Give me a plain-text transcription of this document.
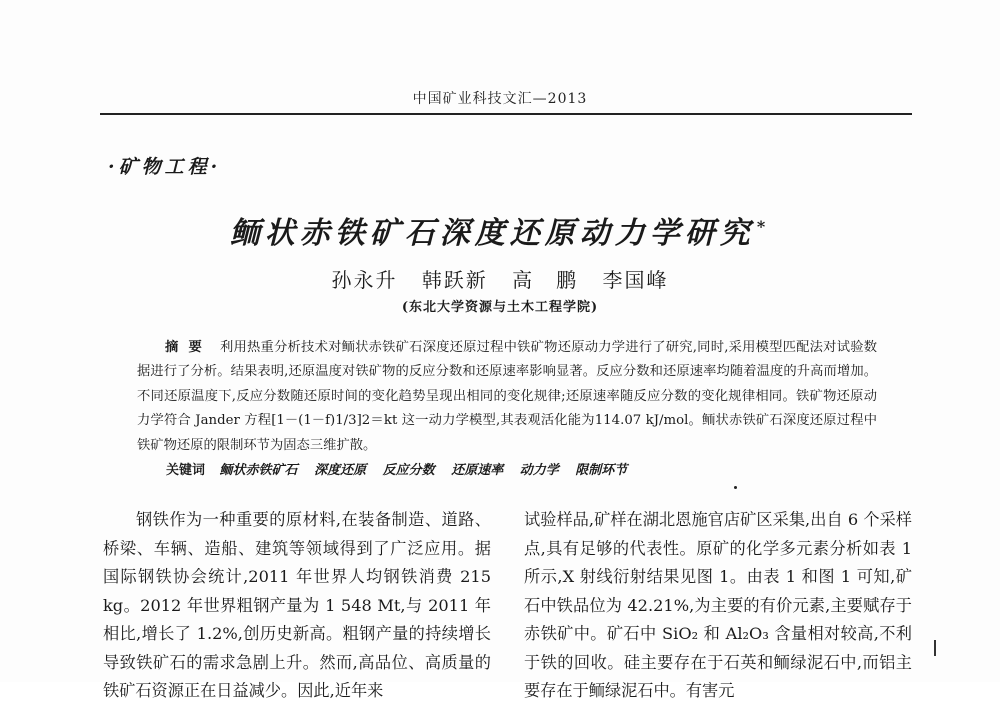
中国矿业科技文汇—2013
·矿物工程·
鲕状赤铁矿石深度还原动力学研究 *
孙永升 韩跃新 高　鹏 李国峰
(东北大学资源与土木工程学院)
摘要 利用热重分析技术对鲕状赤铁矿石深度还原过程中铁矿物还原动力学进行了研究,同时,采用模型匹配法对试验数据进行了分析。结果表明,还原温度对铁矿物的反应分数和还原速率影响显著。反应分数和还原速率均随着温度的升高而增加。不同还原温度下,反应分数随还原时间的变化趋势呈现出相同的变化规律;还原速率随反应分数的变化规律相同。铁矿物还原动力学符合 Jander 方程[1－(1－f)1/3]2＝kt 这一动力学模型,其表观活化能为114.07 kJ/mol。鲕状赤铁矿石深度还原过程中铁矿物还原的限制环节为固态三维扩散。
关键词 鲕状赤铁矿石 深度还原 反应分数 还原速率 动力学 限制环节

钢铁作为一种重要的原材料,在装备制造、道路、桥梁、车辆、造船、建筑等领域得到了广泛应用。据国际钢铁协会统计,2011 年世界人均钢铁消费 215 kg。2012 年世界粗钢产量为 1 548 Mt,与 2011 年相比,增长了 1.2%,创历史新高。粗钢产量的持续增长导致铁矿石的需求急剧上升。然而,高品位、高质量的铁矿石资源正在日益减少。因此,近年来

试验样品,矿样在湖北恩施官店矿区采集,出自 6 个采样点,具有足够的代表性。原矿的化学多元素分析如表 1 所示,X 射线衍射结果见图 1。由表 1 和图 1 可知,矿石中铁品位为 42.21%,为主要的有价元素,主要赋存于赤铁矿中。矿石中 SiO₂ 和 Al₂O₃ 含量相对较高,不利于铁的回收。硅主要存在于石英和鲕绿泥石中,而铝主要存在于鲕绿泥石中。有害元
